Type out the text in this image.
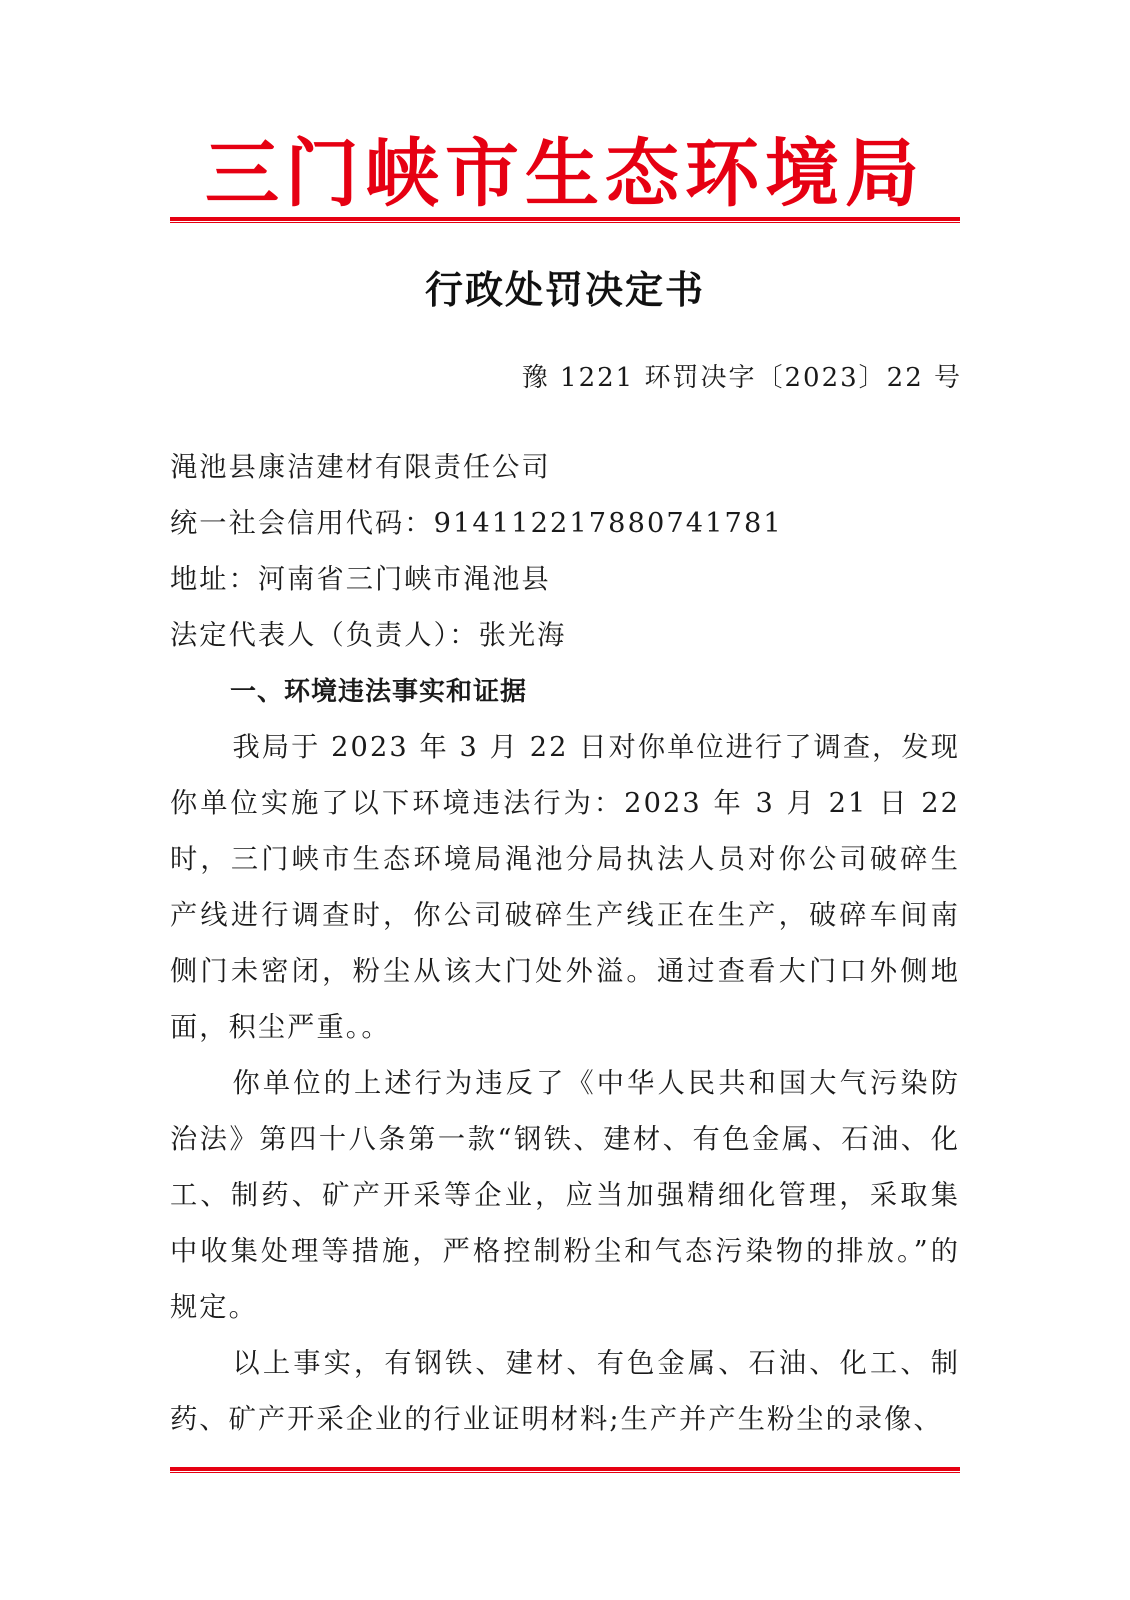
三门峡市生态环境局
行政处罚决定书
豫 1221 环罚决字〔2023〕22 号
渑池县康洁建材有限责任公司
统一社会信用代码：914112217880741781
地址：河南省三门峡市渑池县
法定代表人（负责人）：张光海
一、环境违法事实和证据

我局于 2023 年 3 月 22 日对你单位进行了调查，发现你单位实施了以下环境违法行为：2023 年 3 月 21 日 22 时，三门峡市生态环境局渑池分局执法人员对你公司破碎生产线进行调查时，你公司破碎生产线正在生产，破碎车间南侧门未密闭，粉尘从该大门处外溢。通过查看大门口外侧地面，积尘严重。。

你单位的上述行为违反了《中华人民共和国大气污染防治法》第四十八条第一款“钢铁、建材、有色金属、石油、化工、制药、矿产开采等企业，应当加强精细化管理，采取集中收集处理等措施，严格控制粉尘和气态污染物的排放。”的规定。

以上事实，有钢铁、建材、有色金属、石油、化工、制药、矿产开采企业的行业证明材料;生产并产生粉尘的录像、
